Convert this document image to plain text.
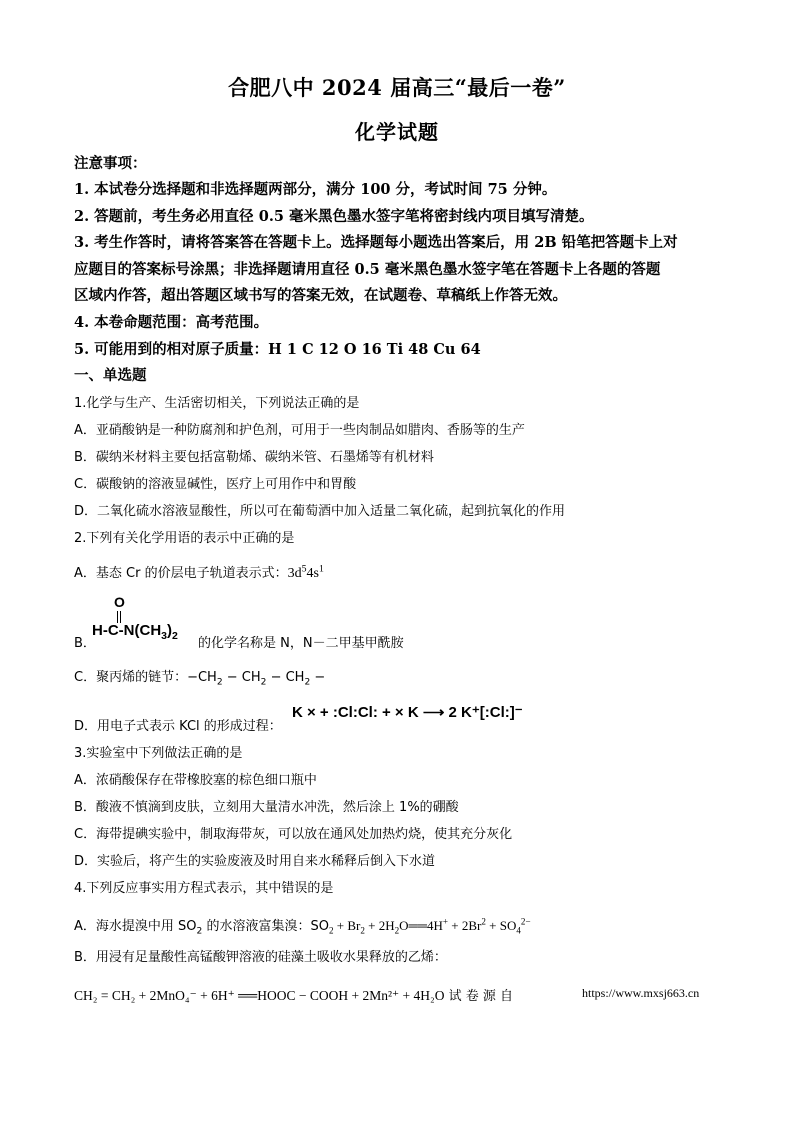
合肥八中 2024 届高三“最后一卷”
化学试题
注意事项：
1. 本试卷分选择题和非选择题两部分，满分 100 分，考试时间 75 分钟。
2. 答题前，考生务必用直径 0.5 毫米黑色墨水签字笔将密封线内项目填写清楚。
3. 考生作答时，请将答案答在答题卡上。选择题每小题选出答案后，用 2B 铅笔把答题卡上对
应题目的答案标号涂黑；非选择题请用直径 0.5 毫米黑色墨水签字笔在答题卡上各题的答题
区域内作答，超出答题区域书写的答案无效，在试题卷、草稿纸上作答无效。
4. 本卷命题范围：高考范围。
5. 可能用到的相对原子质量：H 1 C 12 O 16 Ti 48 Cu 64
一、单选题
1.化学与生产、生活密切相关，下列说法正确的是
A．亚硝酸钠是一种防腐剂和护色剂，可用于一些肉制品如腊肉、香肠等的生产
B．碳纳米材料主要包括富勒烯、碳纳米管、石墨烯等有机材料
C．碳酸钠的溶液显碱性，医疗上可用作中和胃酸
D．二氧化硫水溶液显酸性，所以可在葡萄酒中加入适量二氧化硫，起到抗氧化的作用
2.下列有关化学用语的表示中正确的是
A．基态 Cr 的价层电子轨道表示式：$3d^54s^1$
B．
O
$H-C-N(CH_3)_2$ 的化学名称是 N，N－二甲基甲酰胺
C．聚丙烯的链节：$-CH_2 - CH_2 - CH_2$ −
D．用电子式表示 KCl 的形成过程：
K × + :Cl:Cl: + × K ⟶ 2 K⁺[:Cl:]⁻
3.实验室中下列做法正确的是
A．浓硝酸保存在带橡胶塞的棕色细口瓶中
B．酸液不慎滴到皮肤，立刻用大量清水冲洗，然后涂上 1%的硼酸
C．海带提碘实验中，制取海带灰，可以放在通风处加热灼烧，使其充分灰化
D．实验后，将产生的实验废液及时用自来水稀释后倒入下水道
4.下列反应事实用方程式表示，其中错误的是
A．海水提溴中用 $SO_2$ 的水溶液富集溴：$SO_2 + Br_2$ + $2H_2O══4H^+ + 2Br^2 + SO_4^{2-}$
B．用浸有足量酸性高锰酸钾溶液的硅藻土吸收水果释放的乙烯：
CH₂ = CH₂ + 2MnO₄⁻ + 6H⁺ ══HOOC − COOH + 2Mn²⁺ + 4H₂O 试 卷 源 自	https://www.mxsj663.cn
